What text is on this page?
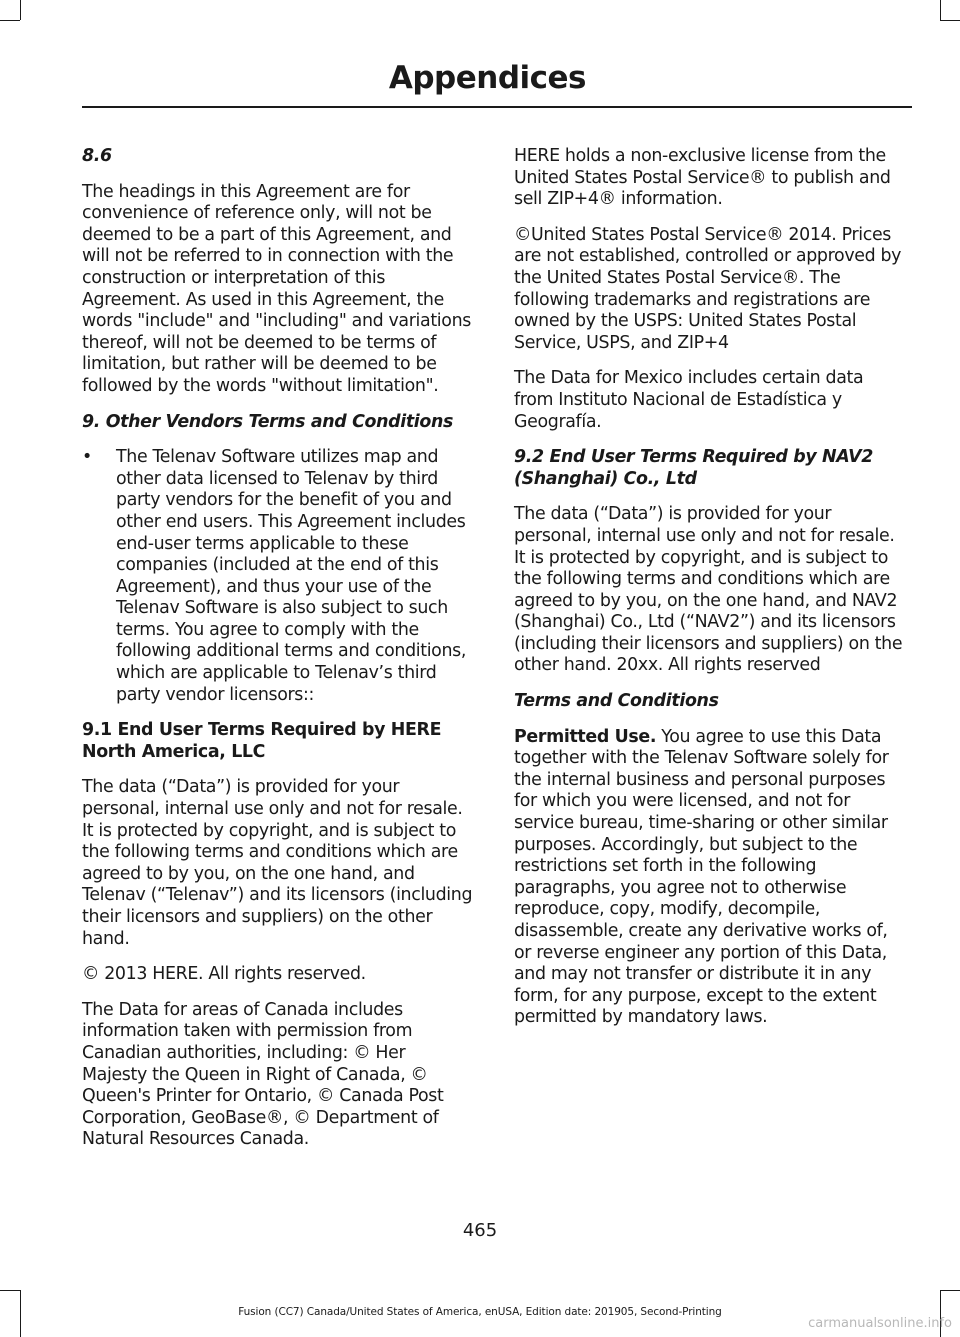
Appendices

8.6

The headings in this Agreement are for convenience of reference only, will not be deemed to be a part of this Agreement, and will not be referred to in connection with the construction or interpretation of this Agreement. As used in this Agreement, the words "include" and "including" and variations thereof, will not be deemed to be terms of limitation, but rather will be deemed to be followed by the words "without limitation".

9. Other Vendors Terms and Conditions

•	The Telenav Software utilizes map and other data licensed to Telenav by third party vendors for the benefit of you and other end users. This Agreement includes end-user terms applicable to these companies (included at the end of this Agreement), and thus your use of the Telenav Software is also subject to such terms. You agree to comply with the following additional terms and conditions, which are applicable to Telenav’s third party vendor licensors::

9.1 End User Terms Required by HERE North America, LLC

The data (“Data”) is provided for your personal, internal use only and not for resale. It is protected by copyright, and is subject to the following terms and conditions which are agreed to by you, on the one hand, and Telenav (“Telenav”) and its licensors (including their licensors and suppliers) on the other hand.

© 2013 HERE. All rights reserved.

The Data for areas of Canada includes information taken with permission from Canadian authorities, including: © Her Majesty the Queen in Right of Canada, © Queen's Printer for Ontario, © Canada Post Corporation, GeoBase®, © Department of Natural Resources Canada.

HERE holds a non-exclusive license from the United States Postal Service® to publish and sell ZIP+4® information.

©United States Postal Service® 2014. Prices are not established, controlled or approved by the United States Postal Service®. The following trademarks and registrations are owned by the USPS: United States Postal Service, USPS, and ZIP+4

The Data for Mexico includes certain data from Instituto Nacional de Estadística y Geografía.

9.2 End User Terms Required by NAV2 (Shanghai) Co., Ltd

The data (“Data”) is provided for your personal, internal use only and not for resale. It is protected by copyright, and is subject to the following terms and conditions which are agreed to by you, on the one hand, and NAV2 (Shanghai) Co., Ltd (“NAV2”) and its licensors (including their licensors and suppliers) on the other hand. 20xx. All rights reserved

Terms and Conditions

Permitted Use. You agree to use this Data together with the Telenav Software solely for the internal business and personal purposes for which you were licensed, and not for service bureau, time-sharing or other similar purposes. Accordingly, but subject to the restrictions set forth in the following paragraphs, you agree not to otherwise reproduce, copy, modify, decompile, disassemble, create any derivative works of, or reverse engineer any portion of this Data, and may not transfer or distribute it in any form, for any purpose, except to the extent permitted by mandatory laws.

465
Fusion (CC7) Canada/United States of America, enUSA, Edition date: 201905, Second-Printing
carmanualsonline.info
